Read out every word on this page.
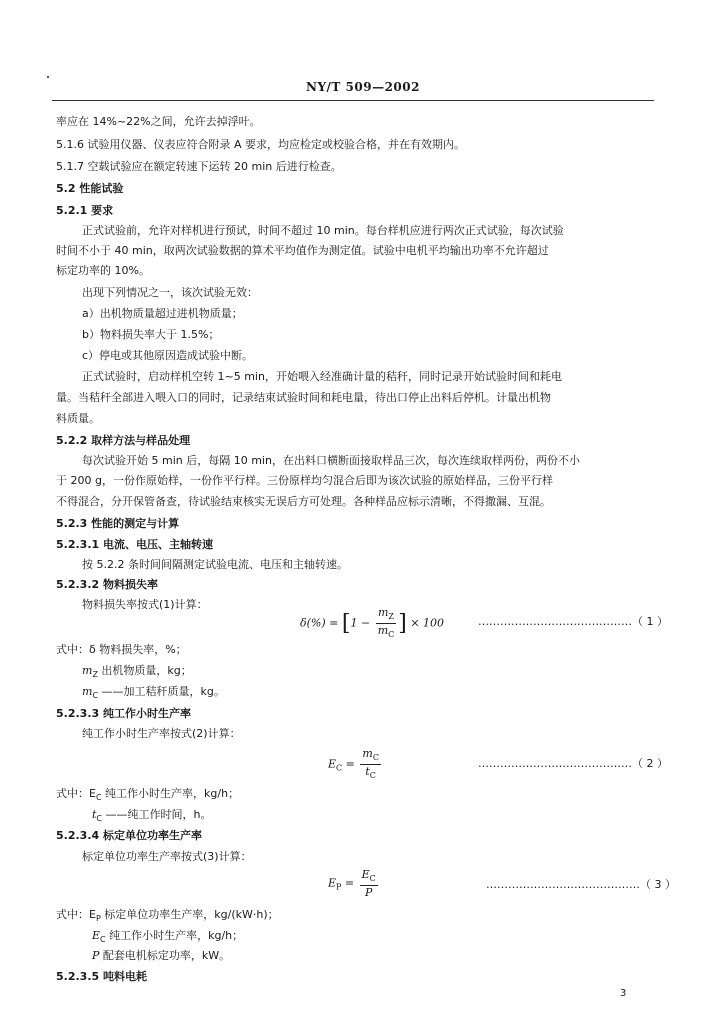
NY/T 509—2002
率应在 14%~22%之间，允许去掉浮叶。
5.1.6 试验用仪器、仪表应符合附录 A 要求，均应检定或校验合格，并在有效期内。
5.1.7 空载试验应在额定转速下运转 20 min 后进行检查。
5.2 性能试验
5.2.1 要求
正式试验前，允许对样机进行预试，时间不超过 10 min。每台样机应进行两次正式试验，每次试验
时间不小于 40 min，取两次试验数据的算术平均值作为测定值。试验中电机平均输出功率不允许超过
标定功率的 10%。
出现下列情况之一，该次试验无效：
a）出机物质量超过进机物质量；
b）物料损失率大于 1.5%；
c）停电或其他原因造成试验中断。
正式试验时，启动样机空转 1~5 min，开始喂入经准确计量的秸秆，同时记录开始试验时间和耗电
量。当秸秆全部进入喂入口的同时，记录结束试验时间和耗电量，待出口停止出料后停机。计量出机物
料质量。
5.2.2 取样方法与样品处理
每次试验开始 5 min 后，每隔 10 min，在出料口横断面接取样品三次，每次连续取样两份，两份不小
于 200 g，一份作原始样，一份作平行样。三份原样均匀混合后即为该次试验的原始样品，三份平行样
不得混合，分开保管备查，待试验结束核实无误后方可处理。各种样品应标示清晰，不得撒漏、互混。
5.2.3 性能的测定与计算
5.2.3.1 电流、电压、主轴转速
按 5.2.2 条时间间隔测定试验电流、电压和主轴转速。
5.2.3.2 物料损失率
物料损失率按式(1)计算：
$\delta(\%) = [1 - \frac{m_Z}{m_C}$ ] × 100	……………………………………（ 1 ）
式中：δ 物料损失率，%；
$m_Z$ 出机物质量，kg；
$m_C$ ——加工秸秆质量，kg。
5.2.3.3 纯工作小时生产率
纯工作小时生产率按式(2)计算：
$E_C = \frac{m_C}{t_C}$	……………………………………（ 2 ）
式中：$E_C$ 纯工作小时生产率，kg/h；
$t_C$ ——纯工作时间，h。
5.2.3.4 标定单位功率生产率
标定单位功率生产率按式(3)计算：
$E_P = \frac{E_C}{P}$	……………………………………（ 3 ）
式中：$E_P$ 标定单位功率生产率，kg/(kW·h)；
$E_C$ 纯工作小时生产率，kg/h；
P 配套电机标定功率，kW。
5.2.3.5 吨料电耗
3
